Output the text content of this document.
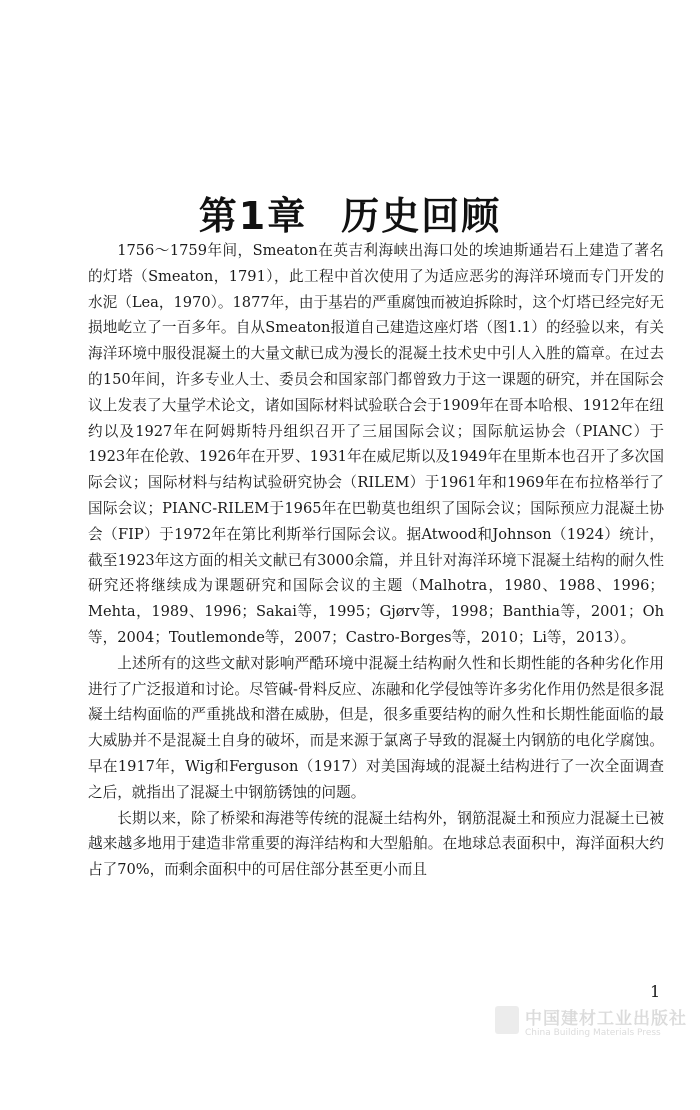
第1章 历史回顾

1756～1759年间，Smeaton在英吉利海峡出海口处的埃迪斯通岩石上建造了著名的灯塔（Smeaton，1791），此工程中首次使用了为适应恶劣的海洋环境而专门开发的水泥（Lea，1970）。1877年，由于基岩的严重腐蚀而被迫拆除时，这个灯塔已经完好无损地屹立了一百多年。自从Smeaton报道自己建造这座灯塔（图1.1）的经验以来，有关海洋环境中服役混凝土的大量文献已成为漫长的混凝土技术史中引人入胜的篇章。在过去的150年间，许多专业人士、委员会和国家部门都曾致力于这一课题的研究，并在国际会议上发表了大量学术论文，诸如国际材料试验联合会于1909年在哥本哈根、1912年在纽约以及1927年在阿姆斯特丹组织召开了三届国际会议；国际航运协会（PIANC）于1923年在伦敦、1926年在开罗、1931年在威尼斯以及1949年在里斯本也召开了多次国际会议；国际材料与结构试验研究协会（RILEM）于1961年和1969年在布拉格举行了国际会议；PIANC-RILEM于1965年在巴勒莫也组织了国际会议；国际预应力混凝土协会（FIP）于1972年在第比利斯举行国际会议。据Atwood和Johnson（1924）统计，截至1923年这方面的相关文献已有3000余篇，并且针对海洋环境下混凝土结构的耐久性研究还将继续成为课题研究和国际会议的主题（Malhotra，1980、1988、1996；Mehta，1989、1996；Sakai等，1995；Gjørv等，1998；Banthia等，2001；Oh等，2004；Toutlemonde等，2007；Castro-Borges等，2010；Li等，2013）。

上述所有的这些文献对影响严酷环境中混凝土结构耐久性和长期性能的各种劣化作用进行了广泛报道和讨论。尽管碱-骨料反应、冻融和化学侵蚀等许多劣化作用仍然是很多混凝土结构面临的严重挑战和潜在威胁，但是，很多重要结构的耐久性和长期性能面临的最大威胁并不是混凝土自身的破坏，而是来源于氯离子导致的混凝土内钢筋的电化学腐蚀。早在1917年，Wig和Ferguson（1917）对美国海域的混凝土结构进行了一次全面调查之后，就指出了混凝土中钢筋锈蚀的问题。

长期以来，除了桥梁和海港等传统的混凝土结构外，钢筋混凝土和预应力混凝土已被越来越多地用于建造非常重要的海洋结构和大型船舶。在地球总表面积中，海洋面积大约占了70%，而剩余面积中的可居住部分甚至更小而且

1
中国建材工业出版社
China Building Materials Press
